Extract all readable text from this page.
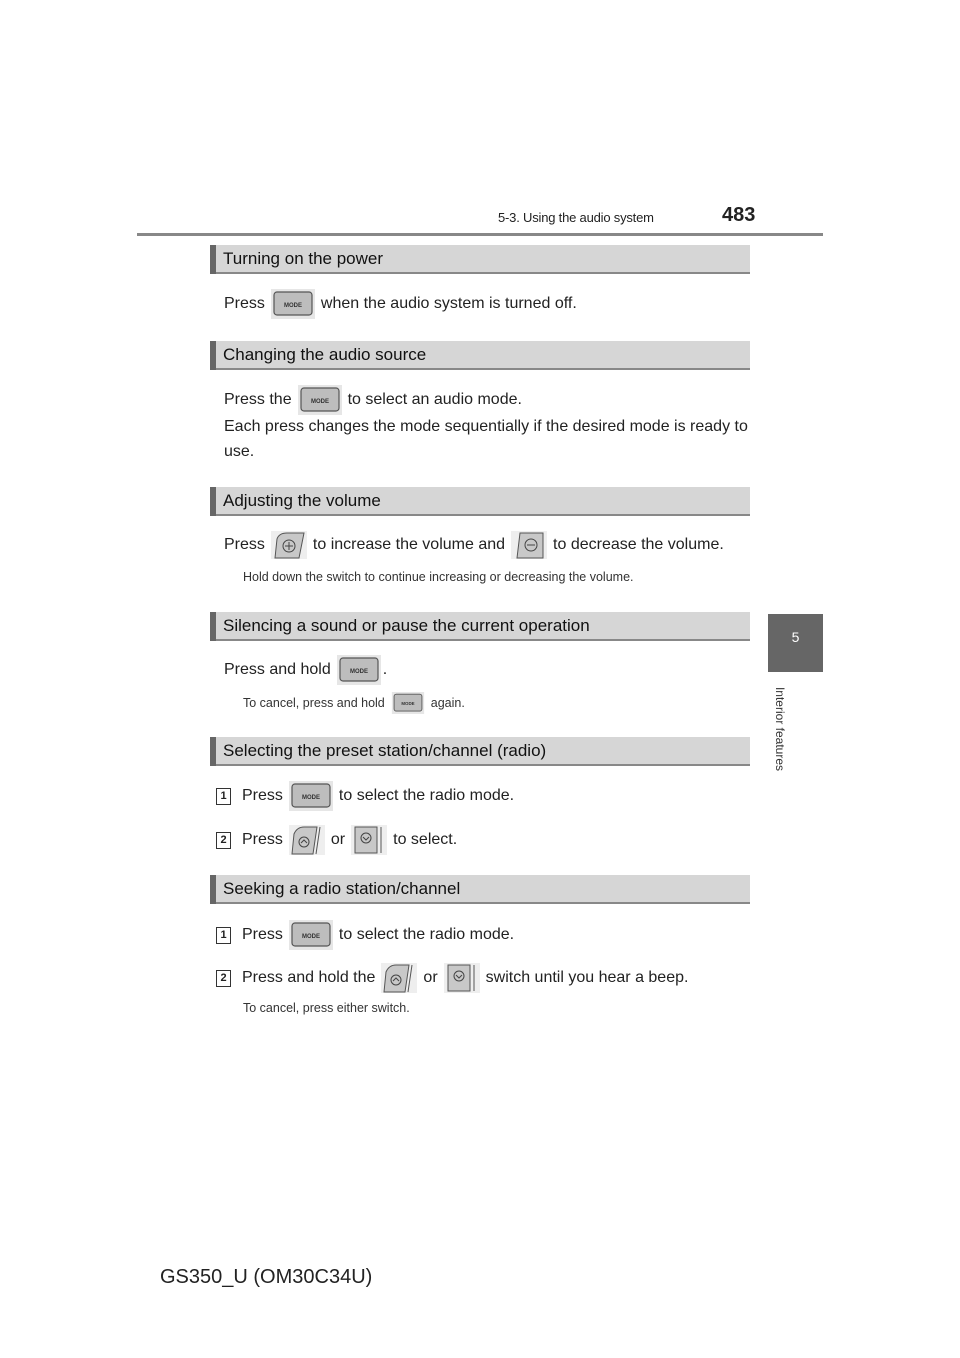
5-3. Using the audio system	483
5
Interior features
Turning on the power
Press	when the audio system is turned off.
Changing the audio source
Press the	to select an audio mode.
Each press changes the mode sequentially if the desired mode is ready to
use.
Adjusting the volume
Press	to increase the volume and	to decrease the volume.
Hold down the switch to continue increasing or decreasing the volume.
Silencing a sound or pause the current operation
Press and hold	.
To cancel, press and hold	again.
Selecting the preset station/channel (radio)
1 Press	to select the radio mode.
2 Press	or	to select.
Seeking a radio station/channel
1 Press	to select the radio mode.
2 Press and hold the	or	switch until you hear a beep.
To cancel, press either switch.
GS350_U (OM30C34U)
